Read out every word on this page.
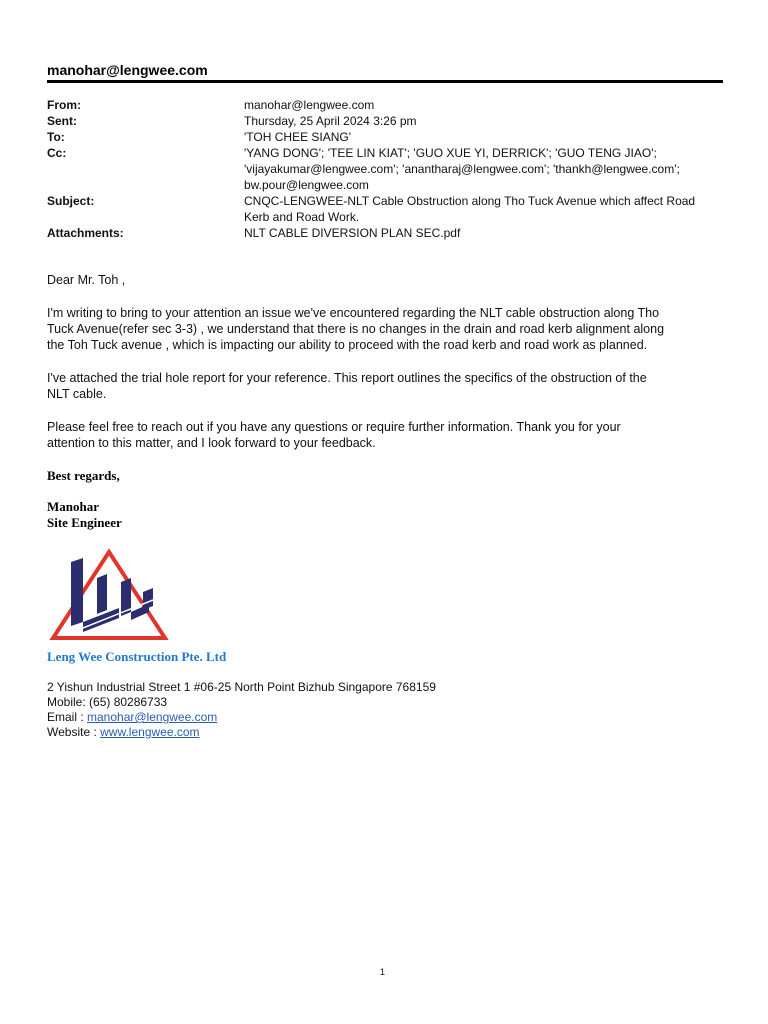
manohar@lengwee.com
From:	manohar@lengwee.com
Sent:	Thursday, 25 April 2024 3:26 pm
To:	'TOH CHEE SIANG'
Cc:	'YANG DONG'; 'TEE LIN KIAT'; 'GUO XUE YI, DERRICK'; 'GUO TENG JIAO';
'vijayakumar@lengwee.com'; 'anantharaj@lengwee.com'; 'thankh@lengwee.com';
bw.pour@lengwee.com
Subject:	CNQC-LENGWEE-NLT Cable Obstruction along Tho Tuck Avenue which affect Road
Kerb and Road Work.
Attachments:	NLT CABLE DIVERSION PLAN SEC.pdf
Dear Mr. Toh ,
I'm writing to bring to your attention an issue we've encountered regarding the NLT cable obstruction along Tho
Tuck Avenue(refer sec 3-3) , we understand that there is no changes in the drain and road kerb alignment along
the Toh Tuck avenue , which is impacting our ability to proceed with the road kerb and road work as planned.
I've attached the trial hole report for your reference. This report outlines the specifics of the obstruction of the
NLT cable.
Please feel free to reach out if you have any questions or require further information. Thank you for your
attention to this matter, and I look forward to your feedback.
Best regards,
Manohar
Site Engineer
Leng Wee Construction Pte. Ltd
2 Yishun Industrial Street 1 #06-25 North Point Bizhub Singapore 768159
Mobile: (65) 80286733
Email : manohar@lengwee.com
Website : www.lengwee.com
1
